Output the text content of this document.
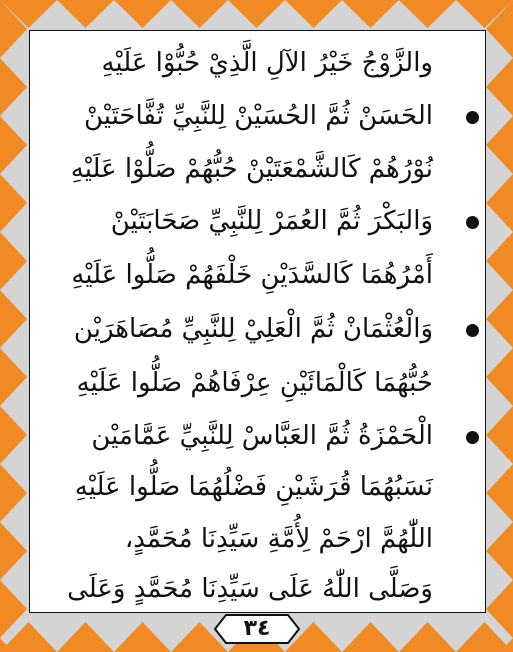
والزَّوْجُ خَيْرُ الآلِ الَّذِيْ حُبُّوْا عَلَيْهِ
الحَسَنْ ثُمَّ الحُسَيْنْ لِلنَّبِيِّ تُفَّاحَتَيْنْ
نُوْرُهُمْ كَالشَّمْعَتَيْنْ حُبُّهُمْ صَلُّوْا عَلَيْهِ
وَالبَكْرَ ثُمَّ العُمَرْ لِلنَّبِيِّ صَحَابَتَيْنْ
أَمْرُهُمَا كَالسَّدَيْنِ خَلْفَهُمْ صَلُّوا عَلَيْهِ
وَالْعُثْمَانْ ثُمَّ الْعَلِيْ لِلنَّبِيِّ مُصَاهَرَيْن
حُبُّهُمَا كَالْمَائَيْنِ عِرْفَاهُمْ صَلُّوا عَلَيْهِ
الْحَمْزَةُ ثُمَّ العَبَّاسْ لِلنَّبِيِّ عَمَّامَيْن
نَسَبُهُمَا قُرَشَيْنِ فَضْلُهُمَا صَلُّوا عَلَيْهِ
اللّٰهُمَّ ارْحَمْ لِأُمَّةِ سَيِّدِنَا مُحَمَّدٍ،
وَصَلَّى اللّٰهُ عَلَى سَيِّدِنَا مُحَمَّدٍ وَعَلَى
٣٤
